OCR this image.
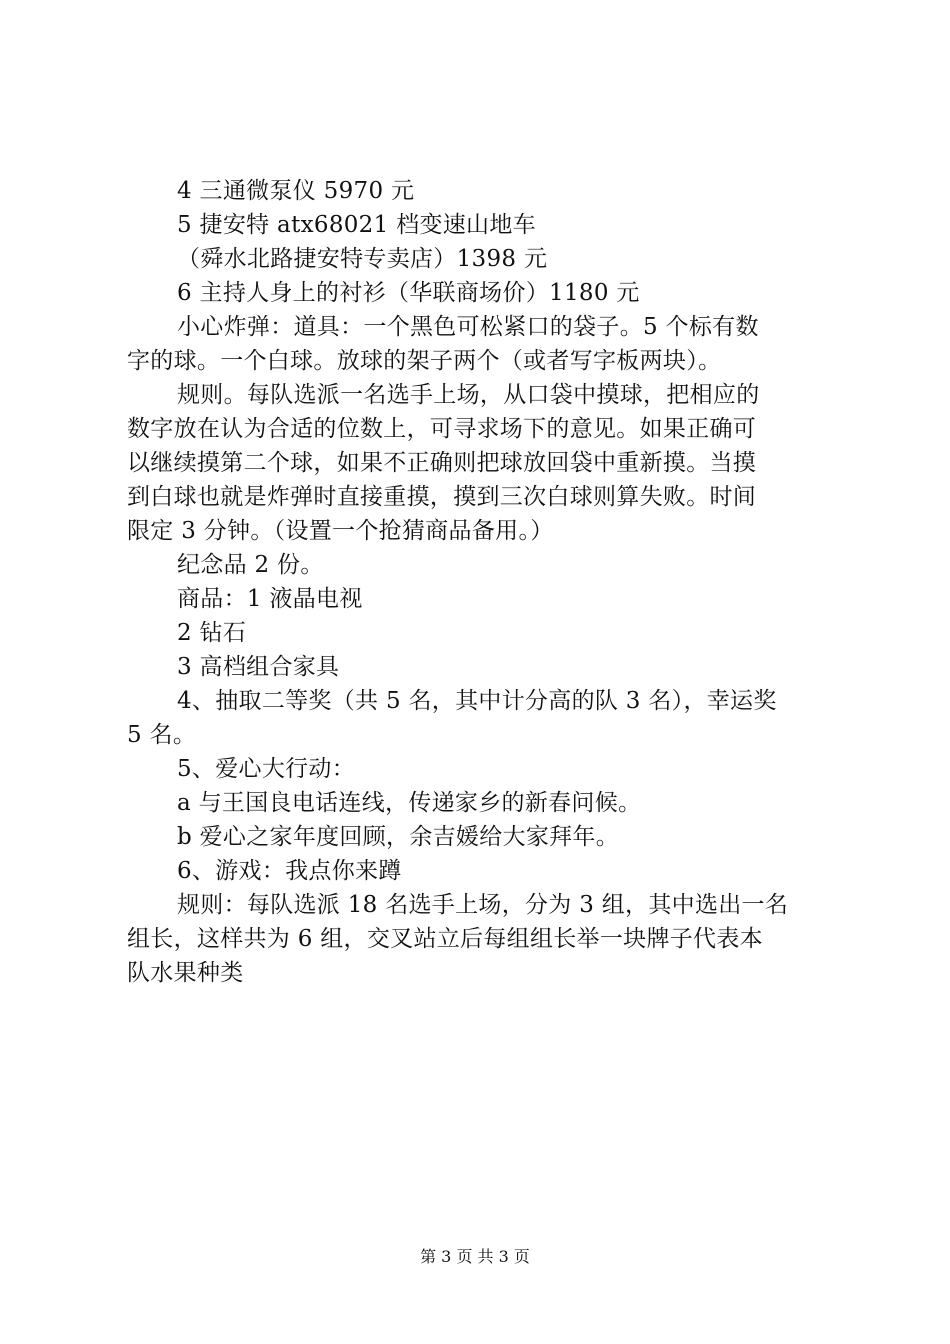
4 三通微泵仪 5970 元
5 捷安特 atx68021 档变速山地车
（舜水北路捷安特专卖店）1398 元
6 主持人身上的衬衫（华联商场价）1180 元
小心炸弹：道具：一个黑色可松紧口的袋子。5 个标有数
字的球。一个白球。放球的架子两个（或者写字板两块）。
规则。每队选派一名选手上场，从口袋中摸球，把相应的
数字放在认为合适的位数上，可寻求场下的意见。如果正确可
以继续摸第二个球，如果不正确则把球放回袋中重新摸。当摸
到白球也就是炸弹时直接重摸，摸到三次白球则算失败。时间
限定 3 分钟。（设置一个抢猜商品备用。）
纪念品 2 份。
商品：1 液晶电视
2 钻石
3 高档组合家具
4、抽取二等奖（共 5 名，其中计分高的队 3 名），幸运奖
5 名。
5、爱心大行动：
a 与王国良电话连线，传递家乡的新春问候。
b 爱心之家年度回顾，余吉媛给大家拜年。
6、游戏：我点你来蹲
规则：每队选派 18 名选手上场，分为 3 组，其中选出一名
组长，这样共为 6 组，交叉站立后每组组长举一块牌子代表本
队水果种类
第 3 页 共 3 页
